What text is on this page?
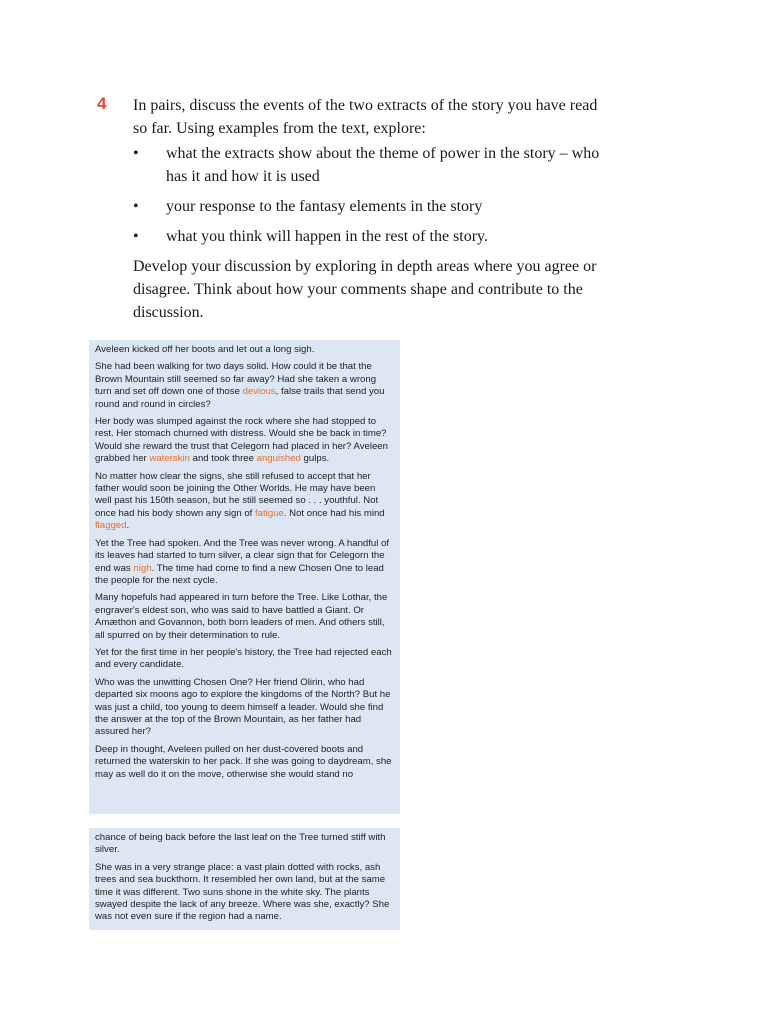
4 In pairs, discuss the events of the two extracts of the story you have read so far. Using examples from the text, explore:

• what the extracts show about the theme of power in the story – who has it and how it is used
• your response to the fantasy elements in the story
• what you think will happen in the rest of the story.

Develop your discussion by exploring in depth areas where you agree or disagree. Think about how your comments shape and contribute to the discussion.

Aveleen kicked off her boots and let out a long sigh.

She had been walking for two days solid. How could it be that the Brown Mountain still seemed so far away? Had she taken a wrong turn and set off down one of those devious, false trails that send you round and round in circles?

Her body was slumped against the rock where she had stopped to rest. Her stomach churned with distress. Would she be back in time? Would she reward the trust that Celegorn had placed in her? Aveleen grabbed her waterskin and took three anguished gulps.

No matter how clear the signs, she still refused to accept that her father would soon be joining the Other Worlds. He may have been well past his 150th season, but he still seemed so . . . youthful. Not once had his body shown any sign of fatigue. Not once had his mind flagged.

Yet the Tree had spoken. And the Tree was never wrong. A handful of its leaves had started to turn silver, a clear sign that for Celegorn the end was nigh. The time had come to find a new Chosen One to lead the people for the next cycle.

Many hopefuls had appeared in turn before the Tree. Like Lothar, the engraver's eldest son, who was said to have battled a Giant. Or Amæthon and Govannon, both born leaders of men. And others still, all spurred on by their determination to rule.

Yet for the first time in her people's history, the Tree had rejected each and every candidate.

Who was the unwitting Chosen One? Her friend Olirin, who had departed six moons ago to explore the kingdoms of the North? But he was just a child, too young to deem himself a leader. Would she find the answer at the top of the Brown Mountain, as her father had assured her?

Deep in thought, Aveleen pulled on her dust-covered boots and returned the waterskin to her pack. If she was going to daydream, she may as well do it on the move, otherwise she would stand no

chance of being back before the last leaf on the Tree turned stiff with silver.

She was in a very strange place: a vast plain dotted with rocks, ash trees and sea buckthorn. It resembled her own land, but at the same time it was different. Two suns shone in the white sky. The plants swayed despite the lack of any breeze. Where was she, exactly? She was not even sure if the region had a name.
